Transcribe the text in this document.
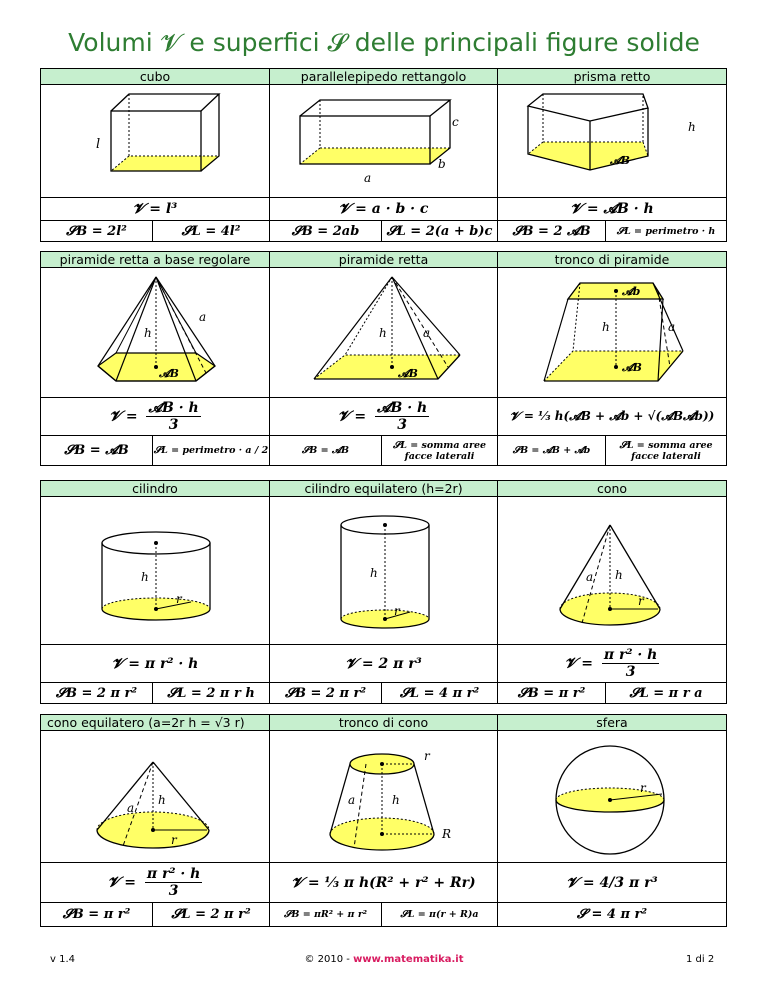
Volumi 𝓥 e superfici 𝓢 delle principali figure solide
cubo		parallelepipedo rettangolo		prisma retto	

l		c
b
a		h
𝓐B	

𝓥 = l³		𝓥 = a · b · c		𝓥 = 𝓐B · h	
𝓢B = 2l²	𝓢L = 4l²	𝓢B = 2ab	𝓢L = 2(a + b)c	𝓢B = 2 𝓐B	𝓢L = perimetro · h
piramide retta a base regolare		piramide retta		tronco di piramide	

h
a
𝓐B		h a
𝓐B		h a
𝓐b
𝓐B	

𝓥 = $\frac{\text{𝓐B · h}}{3}$		𝓥 = $\frac{\text{𝓐B · h}}{3}$		𝓥 = ⅓ h(𝓐B + 𝓐b + √(𝓐B𝓐b))	
𝓢B = 𝓐B	𝓢L = perimetro · a / 2	𝓢B = 𝓐B	𝓢L = somma aree facce laterali	𝓢B = 𝓐B + 𝓐b	𝓢L = somma aree facce laterali
cilindro		cilindro equilatero (h=2r)		cono	

h
r		h
r		h
a
r	

𝓥 = π r² · h		𝓥 = 2 π r³		𝓥 = $\frac{\text{π r² · h}}{3}$

𝓢B = 2 π r²	𝓢L = 2 π r h	𝓢B = 2 π r²	𝓢L = 4 π r²	𝓢B = π r²	𝓢L = π r a
cono equilatero (a=2r h = √3 r)		tronco di cono		sfera

h
a
r		r
h
a
R		r

𝓥 = $\frac{\text{π r² · h}}{3}$		𝓥 = ⅓ π h(R² + r² + Rr)		𝓥 = 4/3 π r³
𝓢B = π r²	𝓢L = 2 π r²	𝓢B = πR² + π r²	𝓢L = π(r + R)a	𝓢 = 4 π r²
v 1.4	© 2010 - www.matematika.it	1 di 2
